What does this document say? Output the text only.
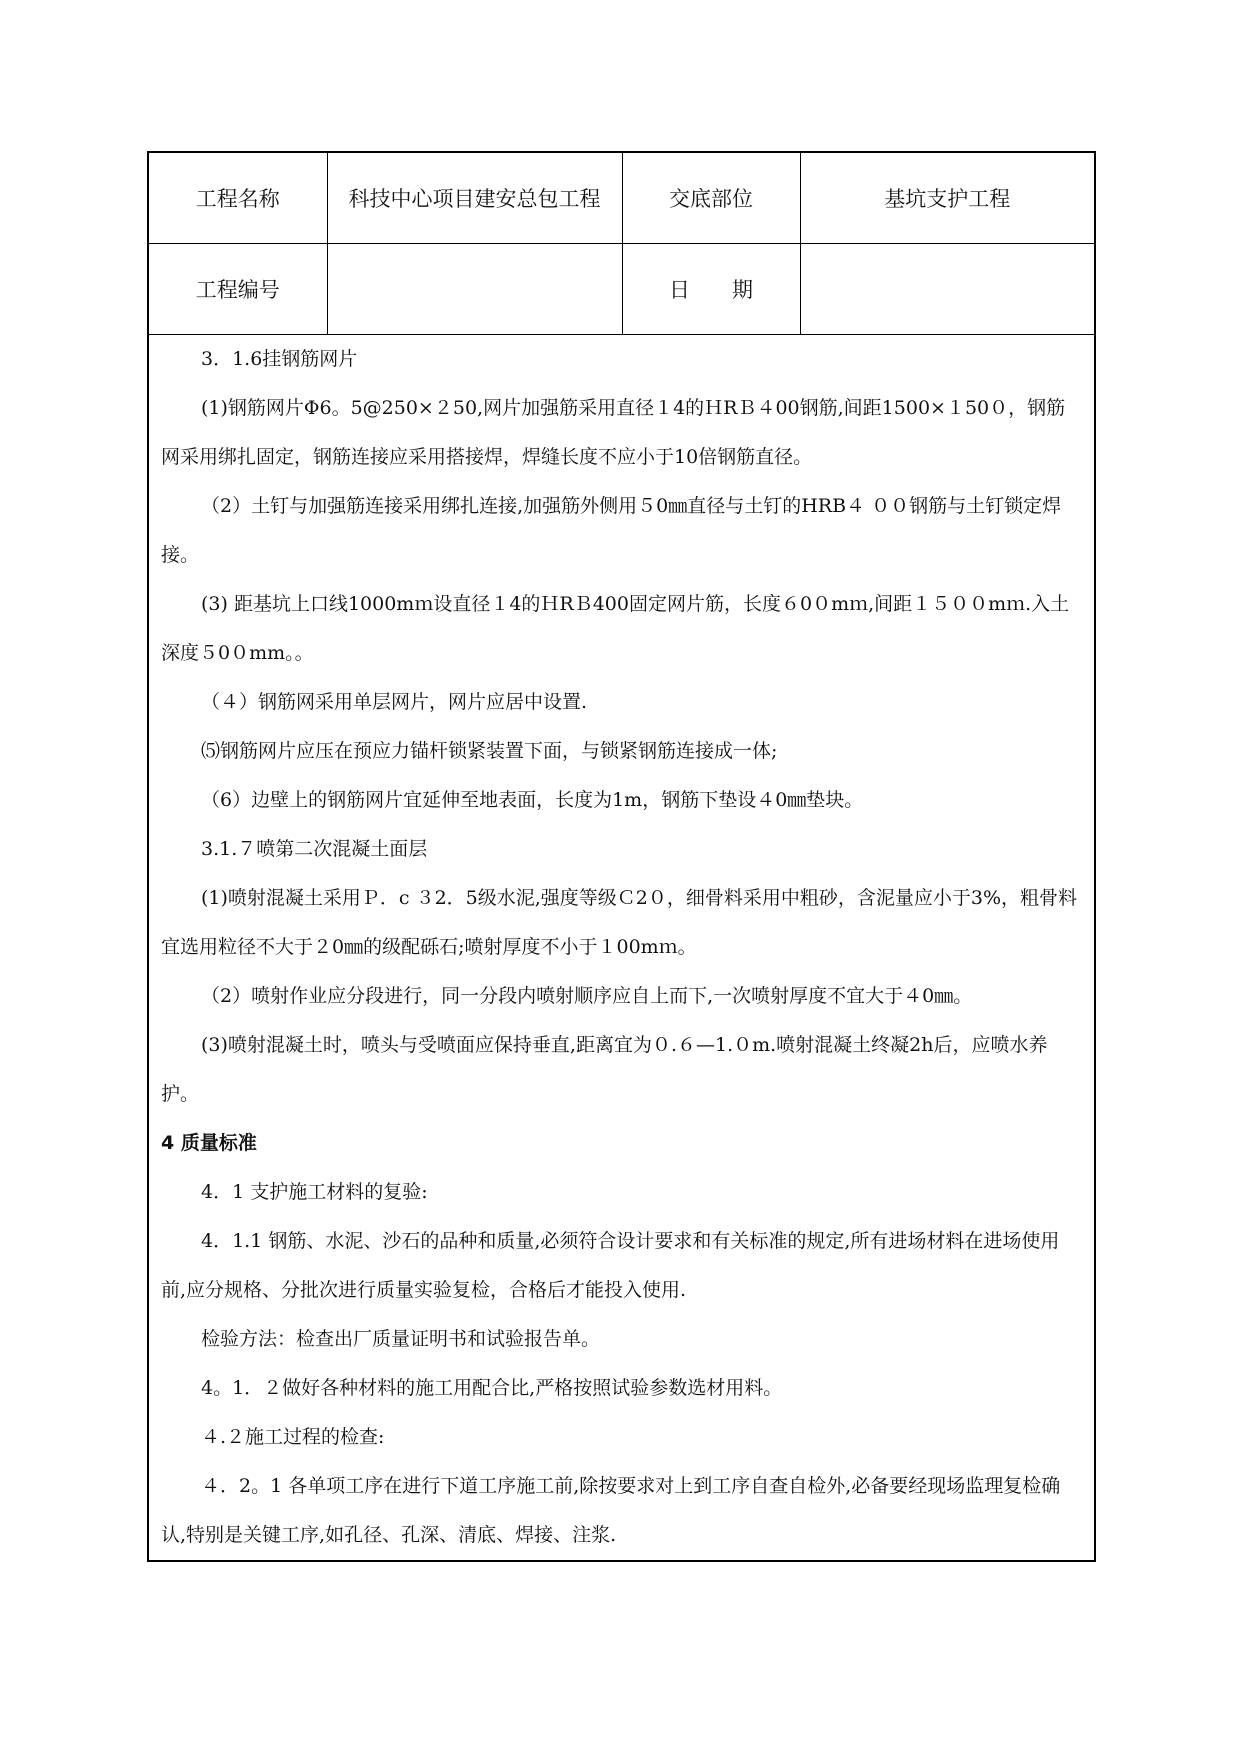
工程名称	科技中心项目建安总包工程	交底部位	基坑支护工程
工程编号		日　　期	

3．1.6挂钢筋网片

(1)钢筋网片Φ6。5@250×２50,网片加强筋采用直径１4的ＨRＢ４00钢筋,间距1500×１50０，钢筋网采用绑扎固定，钢筋连接应采用搭接焊，焊缝长度不应小于10倍钢筋直径。

（2）土钉与加强筋连接采用绑扎连接,加强筋外侧用５0㎜直径与土钉的HRB４ ００钢筋与土钉锁定焊接。

(3) 距基坑上口线1000mｍ设直径１4的ＨRＢ400固定网片筋，长度６0０mｍ,间距１５００mｍ.入土深度５0０mm。。

（４）钢筋网采用单层网片，网片应居中设置.

⑸钢筋网片应压在预应力锚杆锁紧装置下面，与锁紧钢筋连接成一体;

（6）边壁上的钢筋网片宜延伸至地表面，长度为1m，钢筋下垫设４0㎜垫块。

3.1.７喷第二次混凝土面层

(1)喷射混凝土采用Ｐ．c ３2．5级水泥,强度等级Ｃ2０，细骨料采用中粗砂，含泥量应小于3%，粗骨料宜选用粒径不大于２0㎜的级配砾石;喷射厚度不小于１00mｍ。

（2）喷射作业应分段进行，同一分段内喷射顺序应自上而下,一次喷射厚度不宜大于４0㎜。

(3)喷射混凝土时，喷头与受喷面应保持垂直,距离宜为０.６—1.０m.喷射混凝土终凝2h后，应喷水养护。

4 质量标准

4．1 支护施工材料的复验:

4．1.1 钢筋、水泥、沙石的品种和质量,必须符合设计要求和有关标准的规定,所有进场材料在进场使用前,应分规格、分批次进行质量实验复检，合格后才能投入使用.

检验方法：检查出厂质量证明书和试验报告单。

4。1．２做好各种材料的施工用配合比,严格按照试验参数选材用料。

４.２施工过程的检查:

４．2。1 各单项工序在进行下道工序施工前,除按要求对上到工序自查自检外,必备要经现场监理复检确认,特别是关键工序,如孔径、孔深、清底、焊接、注浆.
